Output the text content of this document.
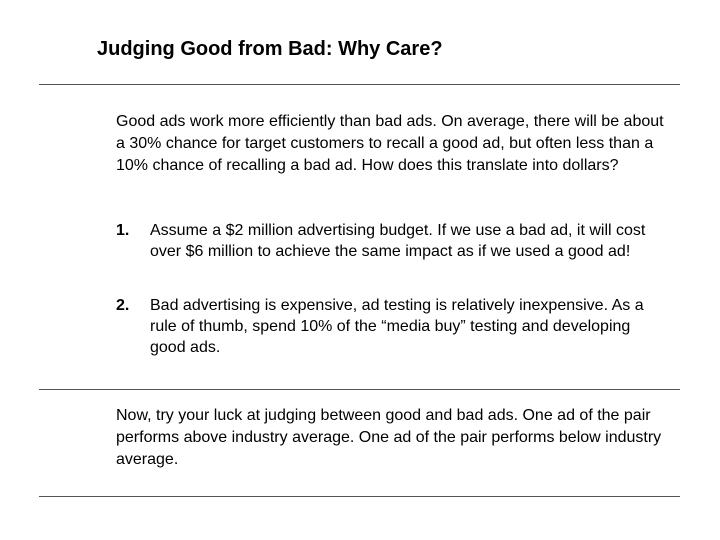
Judging Good from Bad: Why Care?

Good ads work more efficiently than bad ads. On average, there will be about a 30% chance for target customers to recall a good ad, but often less than a 10% chance of recalling a bad ad. How does this translate into dollars?

1. Assume a $2 million advertising budget. If we use a bad ad, it will cost over $6 million to achieve the same impact as if we used a good ad!
2. Bad advertising is expensive, ad testing is relatively inexpensive. As a rule of thumb, spend 10% of the “media buy” testing and developing good ads.

Now, try your luck at judging between good and bad ads. One ad of the pair performs above industry average. One ad of the pair performs below industry average.
